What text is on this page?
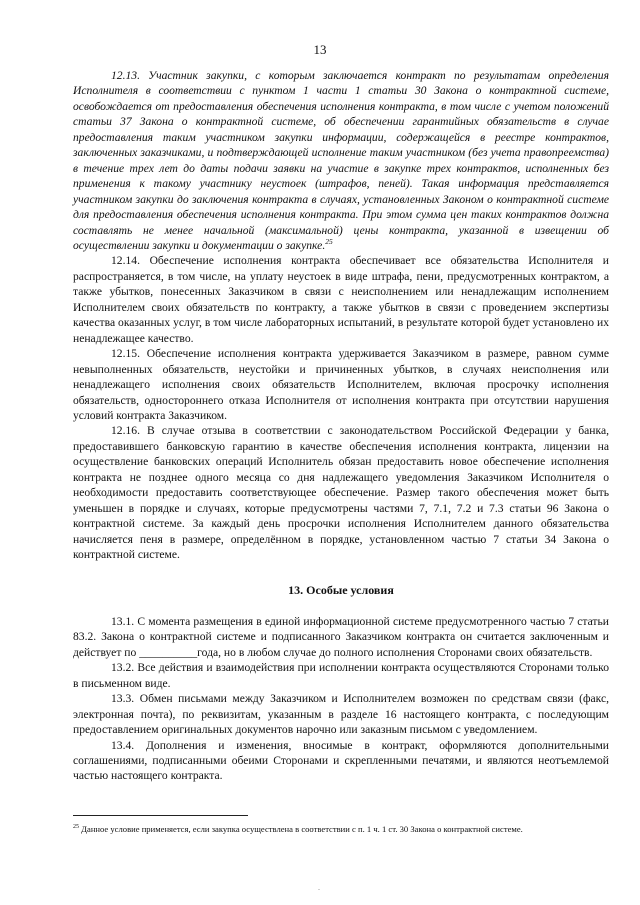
13

12.13. Участник закупки, с которым заключается контракт по результатам определения Исполнителя в соответствии с пунктом 1 части 1 статьи 30 Закона о контрактной системе, освобождается от предоставления обеспечения исполнения контракта, в том числе с учетом положений статьи 37 Закона о контрактной системе, об обеспечении гарантийных обязательств в случае предоставления таким участником закупки информации, содержащейся в реестре контрактов, заключенных заказчиками, и подтверждающей исполнение таким участником (без учета правопреемства) в течение трех лет до даты подачи заявки на участие в закупке трех контрактов, исполненных без применения к такому участнику неустоек (штрафов, пеней). Такая информация представляется участником закупки до заключения контракта в случаях, установленных Законом о контрактной системе для предоставления обеспечения исполнения контракта. При этом сумма цен таких контрактов должна составлять не менее начальной (максимальной) цены контракта, указанной в извещении об осуществлении закупки и документации о закупке.$^{25}$

12.14. Обеспечение исполнения контракта обеспечивает все обязательства Исполнителя и распространяется, в том числе, на уплату неустоек в виде штрафа, пени, предусмотренных контрактом, а также убытков, понесенных Заказчиком в связи с неисполнением или ненадлежащим исполнением Исполнителем своих обязательств по контракту, а также убытков в связи с проведением экспертизы качества оказанных услуг, в том числе лабораторных испытаний, в результате которой будет установлено их ненадлежащее качество.

12.15. Обеспечение исполнения контракта удерживается Заказчиком в размере, равном сумме невыполненных обязательств, неустойки и причиненных убытков, в случаях неисполнения или ненадлежащего исполнения своих обязательств Исполнителем, включая просрочку исполнения обязательств, одностороннего отказа Исполнителя от исполнения контракта при отсутствии нарушения условий контракта Заказчиком.

12.16. В случае отзыва в соответствии с законодательством Российской Федерации у банка, предоставившего банковскую гарантию в качестве обеспечения исполнения контракта, лицензии на осуществление банковских операций Исполнитель обязан предоставить новое обеспечение исполнения контракта не позднее одного месяца со дня надлежащего уведомления Заказчиком Исполнителя о необходимости предоставить соответствующее обеспечение. Размер такого обеспечения может быть уменьшен в порядке и случаях, которые предусмотрены частями 7, 7.1, 7.2 и 7.3 статьи 96 Закона о контрактной системе. За каждый день просрочки исполнения Исполнителем данного обязательства начисляется пеня в размере, определённом в порядке, установленном частью 7 статьи 34 Закона о контрактной системе.

13. Особые условия

13.1. С момента размещения в единой информационной системе предусмотренного частью 7 статьи 83.2. Закона о контрактной системе и подписанного Заказчиком контракта он считается заключенным и действует по __________года, но в любом случае до полного исполнения Сторонами своих обязательств.

13.2. Все действия и взаимодействия при исполнении контракта осуществляются Сторонами только в письменном виде.

13.3. Обмен письмами между Заказчиком и Исполнителем возможен по средствам связи (факс, электронная почта), по реквизитам, указанным в разделе 16 настоящего контракта, с последующим предоставлением оригинальных документов нарочно или заказным письмом с уведомлением.

13.4. Дополнения и изменения, вносимые в контракт, оформляются дополнительными соглашениями, подписанными обеими Сторонами и скрепленными печатями, и являются неотъемлемой частью настоящего контракта.

$^{25}$ Данное условие применяется, если закупка осуществлена в соответствии с п. 1 ч. 1 ст. 30 Закона о контрактной системе.
.
